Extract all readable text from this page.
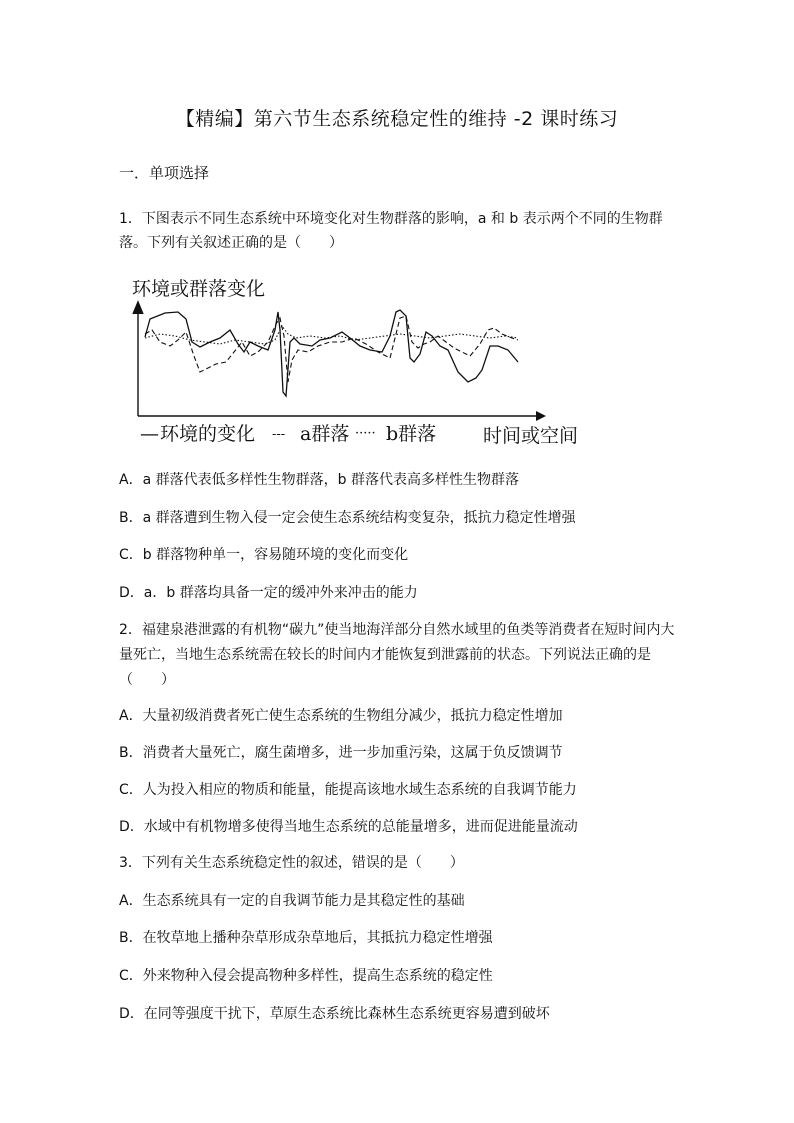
【精编】第六节生态系统稳定性的维持 -2 课时练习
一．单项选择
1．下图表示不同生态系统中环境变化对生物群落的影响，a 和 b 表示两个不同的生物群落。下列有关叙述正确的是（　　）
环境或群落变化
— 环境的变化 --- a群落 ····· b群落 时间或空间
A．a 群落代表低多样性生物群落，b 群落代表高多样性生物群落
B．a 群落遭到生物入侵一定会使生态系统结构变复杂，抵抗力稳定性增强
C．b 群落物种单一，容易随环境的变化而变化
D．a．b 群落均具备一定的缓冲外来冲击的能力
2．福建泉港泄露的有机物“碳九”使当地海洋部分自然水域里的鱼类等消费者在短时间内大量死亡，当地生态系统需在较长的时间内才能恢复到泄露前的状态。下列说法正确的是（　　）
A．大量初级消费者死亡使生态系统的生物组分减少，抵抗力稳定性增加
B．消费者大量死亡，腐生菌增多，进一步加重污染，这属于负反馈调节
C．人为投入相应的物质和能量，能提高该地水域生态系统的自我调节能力
D．水域中有机物增多使得当地生态系统的总能量增多，进而促进能量流动
3．下列有关生态系统稳定性的叙述，错误的是（　　）
A．生态系统具有一定的自我调节能力是其稳定性的基础
B．在牧草地上播种杂草形成杂草地后，其抵抗力稳定性增强
C．外来物种入侵会提高物种多样性，提高生态系统的稳定性
D．在同等强度干扰下，草原生态系统比森林生态系统更容易遭到破坏
